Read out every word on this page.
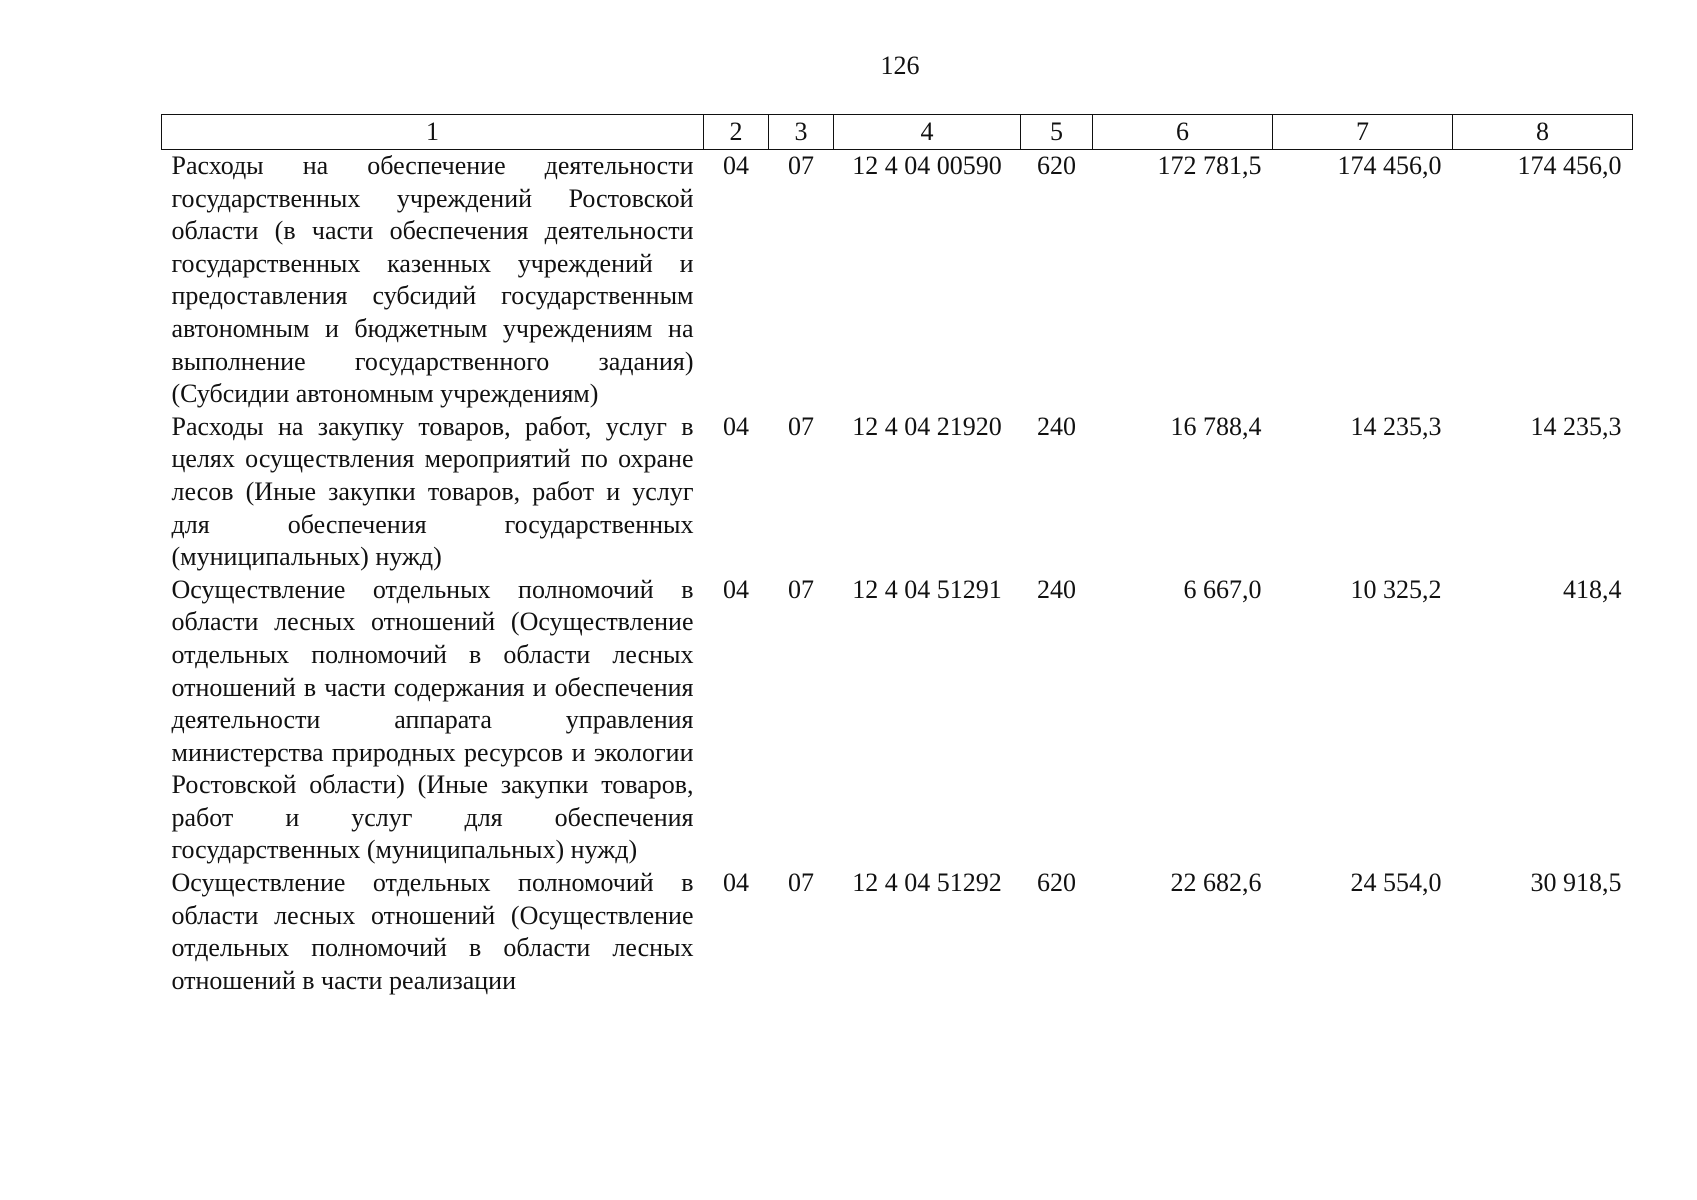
126
1	2	3	4	5	6	7	8
Расходы на обеспечение деятельности государственных учреждений Ростовской области (в части обеспечения деятельности государственных казенных учреждений и предоставления субсидий государственным автономным и бюджетным учреждениям на выполнение государственного задания) (Субсидии автономным учреждениям)	04	07	12 4 04 00590	620	172 781,5	174 456,0	174 456,0
Расходы на закупку товаров, работ, услуг в целях осуществления мероприятий по охране лесов (Иные закупки товаров, работ и услуг для обеспечения государственных (муниципальных) нужд)	04	07	12 4 04 21920	240	16 788,4	14 235,3	14 235,3
Осуществление отдельных полномочий в области лесных отношений (Осуществление отдельных полномочий в области лесных отношений в части содержания и обеспечения деятельности аппарата управления министерства природных ресурсов и экологии Ростовской области) (Иные закупки товаров, работ и услуг для обеспечения государственных (муниципальных) нужд)	04	07	12 4 04 51291	240	6 667,0	10 325,2	418,4
Осуществление отдельных полномочий в области лесных отношений (Осуществление отдельных полномочий в области лесных отношений в части реализации	04	07	12 4 04 51292	620	22 682,6	24 554,0	30 918,5
